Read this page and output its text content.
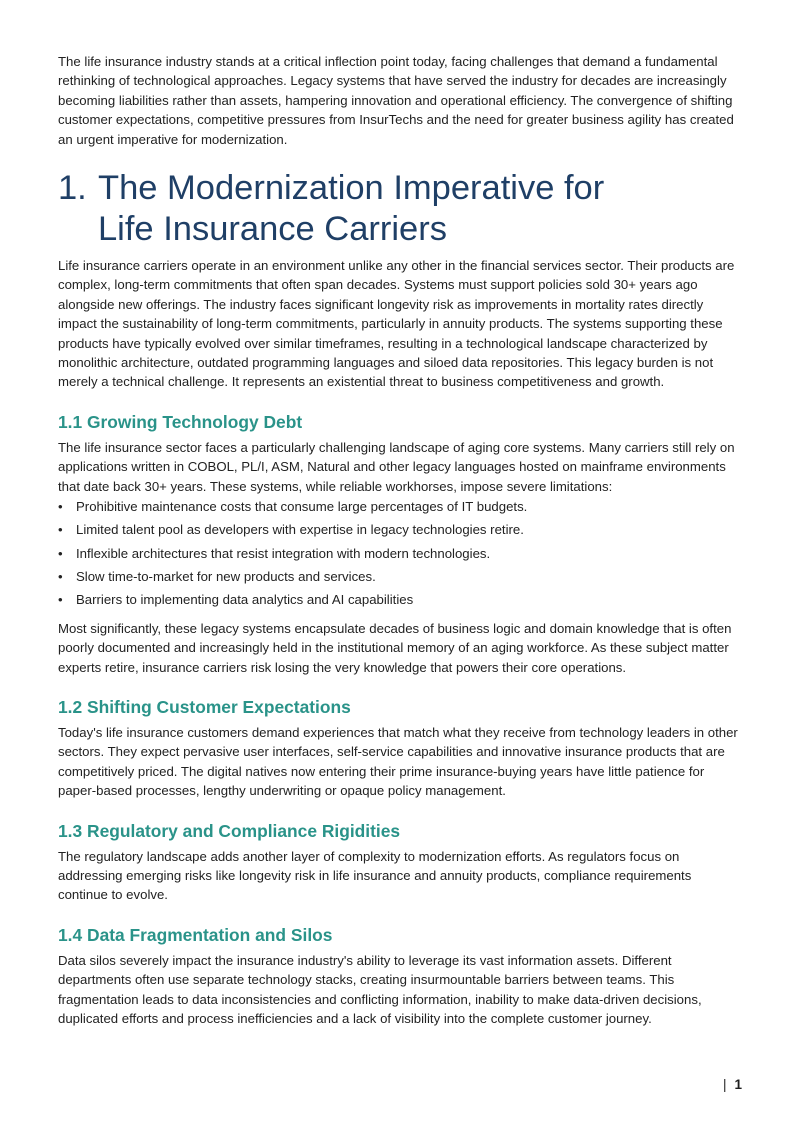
The life insurance industry stands at a critical inflection point today, facing challenges that demand a fundamental rethinking of technological approaches. Legacy systems that have served the industry for decades are increasingly becoming liabilities rather than assets, hampering innovation and operational efficiency. The convergence of shifting customer expectations, competitive pressures from InsurTechs and the need for greater business agility has created an urgent imperative for modernization.

1. The Modernization Imperative for
Life Insurance Carriers

Life insurance carriers operate in an environment unlike any other in the financial services sector. Their products are complex, long-term commitments that often span decades. Systems must support policies sold 30+ years ago alongside new offerings. The industry faces significant longevity risk as improvements in mortality rates directly impact the sustainability of long-term commitments, particularly in annuity products. The systems supporting these products have typically evolved over similar timeframes, resulting in a technological landscape characterized by monolithic architecture, outdated programming languages and siloed data repositories. This legacy burden is not merely a technical challenge. It represents an existential threat to business competitiveness and growth.

1.1 Growing Technology Debt

The life insurance sector faces a particularly challenging landscape of aging core systems. Many carriers still rely on applications written in COBOL, PL/I, ASM, Natural and other legacy languages hosted on mainframe environments that date back 30+ years. These systems, while reliable workhorses, impose severe limitations:

•	Prohibitive maintenance costs that consume large percentages of IT budgets.
•	Limited talent pool as developers with expertise in legacy technologies retire.
•	Inflexible architectures that resist integration with modern technologies.
•	Slow time-to-market for new products and services.
•	Barriers to implementing data analytics and AI capabilities

Most significantly, these legacy systems encapsulate decades of business logic and domain knowledge that is often poorly documented and increasingly held in the institutional memory of an aging workforce. As these subject matter experts retire, insurance carriers risk losing the very knowledge that powers their core operations.

1.2 Shifting Customer Expectations

Today's life insurance customers demand experiences that match what they receive from technology leaders in other sectors. They expect pervasive user interfaces, self-service capabilities and innovative insurance products that are competitively priced. The digital natives now entering their prime insurance-buying years have little patience for paper-based processes, lengthy underwriting or opaque policy management.

1.3 Regulatory and Compliance Rigidities

The regulatory landscape adds another layer of complexity to modernization efforts. As regulators focus on addressing emerging risks like longevity risk in life insurance and annuity products, compliance requirements continue to evolve.

1.4 Data Fragmentation and Silos

Data silos severely impact the insurance industry's ability to leverage its vast information assets. Different departments often use separate technology stacks, creating insurmountable barriers between teams. This fragmentation leads to data inconsistencies and conflicting information, inability to make data-driven decisions, duplicated efforts and process inefficiencies and a lack of visibility into the complete customer journey.

| 1
